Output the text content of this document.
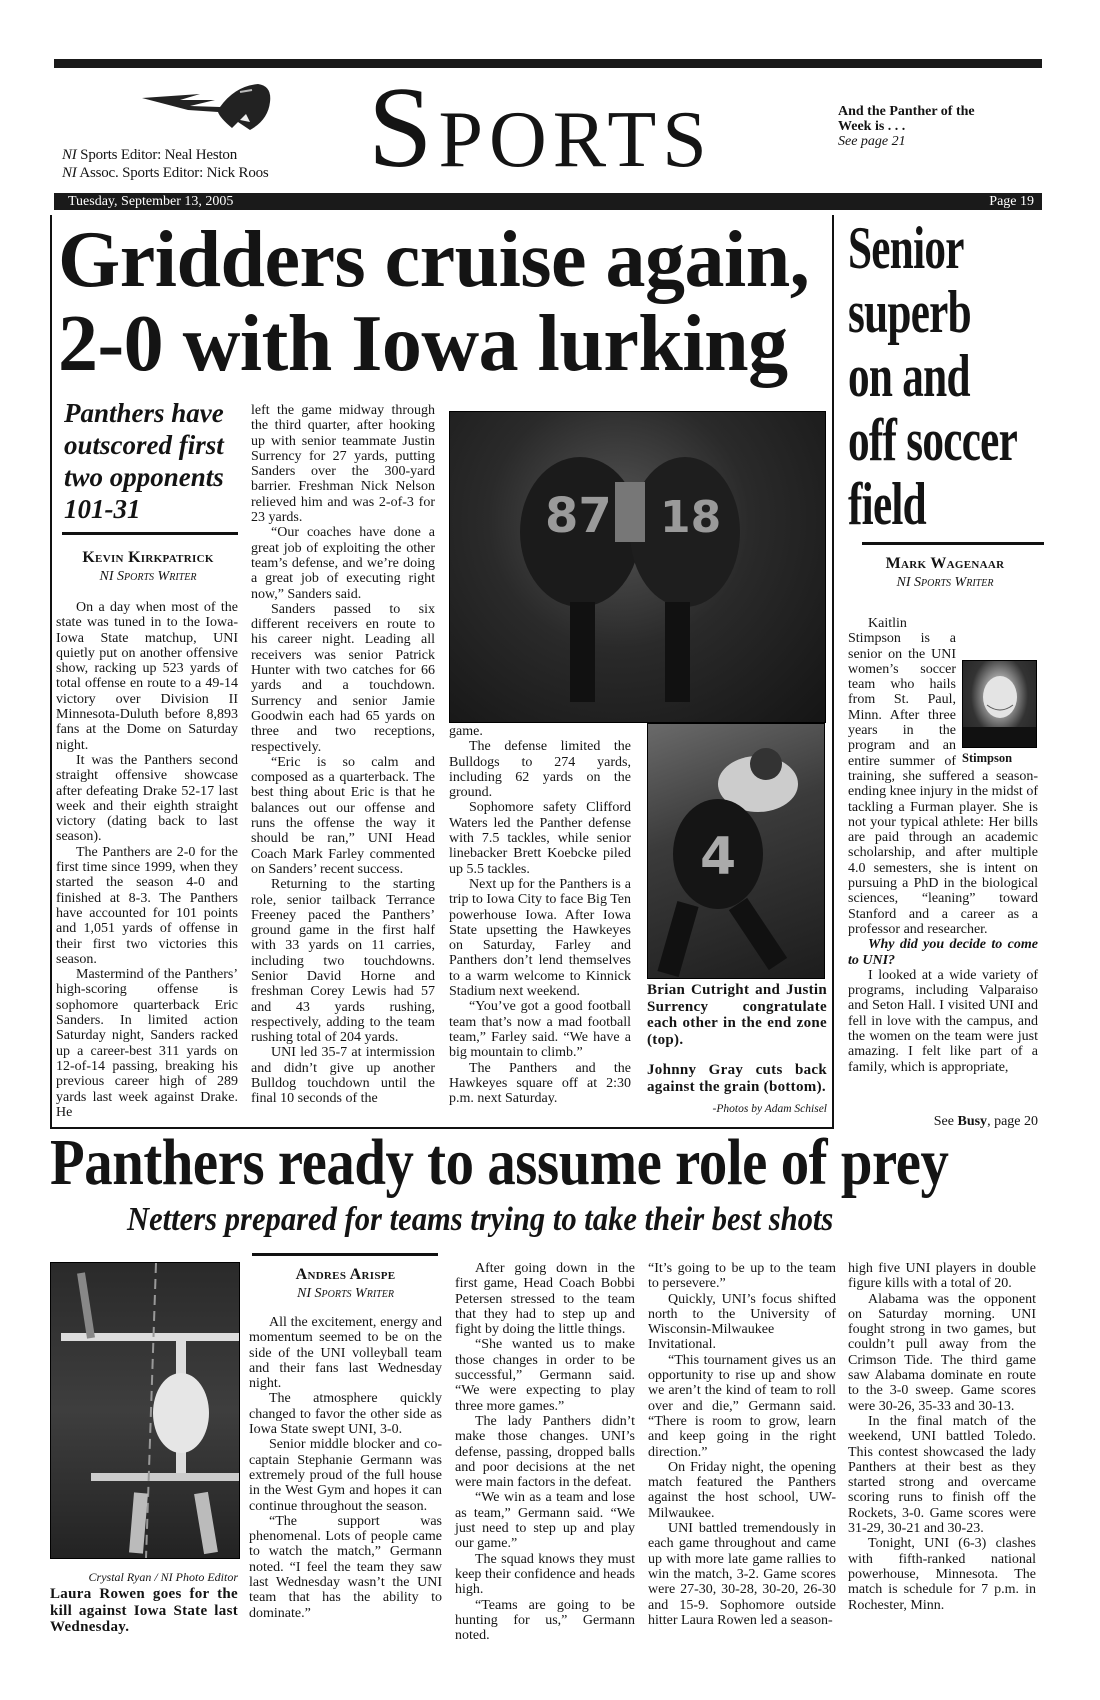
NI Sports Editor: Neal Heston
NI Assoc. Sports Editor: Nick Roos SPORTS	And the Panther of the
Week is . . .
See page 21
Tuesday, September 13, 2005	Page 19
Gridders cruise again,
2-0 with Iowa lurking
Panthers have outscored first two opponents 101-31
Kevin Kirkpatrick
NI Sports Writer

On a day when most of the state was tuned in to the Iowa-Iowa State matchup, UNI quietly put on another offensive show, racking up 523 yards of total offense en route to a 49-14 victory over Division II Minnesota-Duluth before 8,893 fans at the Dome on Saturday night.

It was the Panthers second straight offensive showcase after defeating Drake 52-17 last week and their eighth straight victory (dating back to last season).

The Panthers are 2-0 for the first time since 1999, when they started the season 4-0 and finished at 8-3. The Panthers have accounted for 101 points and 1,051 yards of offense in their first two victories this season.

Mastermind of the Panthers’ high-scoring offense is sophomore quarterback Eric Sanders. In limited action Saturday night, Sanders racked up a career-best 311 yards on 12-of-14 passing, breaking his previous career high of 289 yards last week against Drake. He

left the game midway through the third quarter, after hooking up with senior teammate Justin Surrency for 27 yards, putting Sanders over the 300-yard barrier. Freshman Nick Nelson relieved him and was 2-of-3 for 23 yards.

“Our coaches have done a great job of exploiting the other team’s defense, and we’re doing a great job of executing right now,” Sanders said.

Sanders passed to six different receivers en route to his career night. Leading all receivers was senior Patrick Hunter with two catches for 66 yards and a touchdown. Surrency and senior Jamie Goodwin each had 65 yards on three and two receptions, respectively.

“Eric is so calm and composed as a quarterback. The best thing about Eric is that he balances out our offense and runs the offense the way it should be ran,” UNI Head Coach Mark Farley commented on Sanders’ recent success.

Returning to the starting role, senior tailback Terrance Freeney paced the Panthers’ ground game in the first half with 33 yards on 11 carries, including two touchdowns. Senior David Horne and freshman Corey Lewis had 57 and 43 yards rushing, respectively, adding to the team rushing total of 204 yards.

UNI led 35-7 at intermission and didn’t give up another Bulldog touchdown until the final 10 seconds of the

87 18

game.

The defense limited the Bulldogs to 274 yards, including 62 yards on the ground.

Sophomore safety Clifford Waters led the Panther defense with 7.5 tackles, while senior linebacker Brett Koebcke piled up 5.5 tackles.

Next up for the Panthers is a trip to Iowa City to face Big Ten powerhouse Iowa. After Iowa State upsetting the Hawkeyes on Saturday, Farley and Panthers don’t lend themselves to a warm welcome to Kinnick Stadium next weekend.

“You’ve got a good football team that’s now a mad football team,” Farley said. “We have a big mountain to climb.”

The Panthers and the Hawkeyes square off at 2:30 p.m. next Saturday.

4
Brian Cutright and Justin Surrency congratulate each other in the end zone (top).
Johnny Gray cuts back against the grain (bottom).
-Photos by Adam Schisel
Senior
superb
on and
off soccer
field
Mark Wagenaar
NI Sports Writer
Stimpson

Kaitlin Stimpson is a senior on the UNI women’s soccer team who hails from St. Paul, Minn. After three years in the program and an entire summer of training, she suffered a season-ending knee injury in the midst of tackling a Furman player. She is not your typical athlete: Her bills are paid through an academic scholarship, and after multiple 4.0 semesters, she is intent on pursuing a PhD in the biological sciences, “leaning” toward Stanford and a career as a professor and researcher.

Why did you decide to come to UNI?

I looked at a wide variety of programs, including Valparaiso and Seton Hall. I visited UNI and fell in love with the campus, and the women on the team were just amazing. I felt like part of a family, which is appropriate,

See Busy, page 20
Panthers ready to assume role of prey
Netters prepared for teams trying to take their best shots
Crystal Ryan / NI Photo Editor
Laura Rowen goes for the kill against Iowa State last Wednesday.
Andres Arispe
NI Sports Writer

All the excitement, energy and momentum seemed to be on the side of the UNI volleyball team and their fans last Wednesday night.

The atmosphere quickly changed to favor the other side as Iowa State swept UNI, 3-0.

Senior middle blocker and co-captain Stephanie Germann was extremely proud of the full house in the West Gym and hopes it can continue throughout the season.

“The support was phenomenal. Lots of people came to watch the match,” Germann noted. “I feel the team they saw last Wednesday wasn’t the UNI team that has the ability to dominate.”

After going down in the first game, Head Coach Bobbi Petersen stressed to the team that they had to step up and fight by doing the little things.

“She wanted us to make those changes in order to be successful,” Germann said. “We were expecting to play three more games.”

The lady Panthers didn’t make those changes. UNI’s defense, passing, dropped balls and poor decisions at the net were main factors in the defeat.

“We win as a team and lose as team,” Germann said. “We just need to step up and play our game.”

The squad knows they must keep their confidence and heads high.

“Teams are going to be hunting for us,” Germann noted.

“It’s going to be up to the team to persevere.”

Quickly, UNI’s focus shifted north to the University of Wisconsin-Milwaukee Invitational.

“This tournament gives us an opportunity to rise up and show we aren’t the kind of team to roll over and die,” Germann said. “There is room to grow, learn and keep going in the right direction.”

On Friday night, the opening match featured the Panthers against the host school, UW-Milwaukee.

UNI battled tremendously in each game throughout and came up with more late game rallies to win the match, 3-2. Game scores were 27-30, 30-28, 30-20, 26-30 and 15-9. Sophomore outside hitter Laura Rowen led a season-

high five UNI players in double figure kills with a total of 20.

Alabama was the opponent on Saturday morning. UNI fought strong in two games, but couldn’t pull away from the Crimson Tide. The third game saw Alabama dominate en route to the 3-0 sweep. Game scores were 30-26, 35-33 and 30-13.

In the final match of the weekend, UNI battled Toledo. This contest showcased the lady Panthers at their best as they started strong and overcame scoring runs to finish off the Rockets, 3-0. Game scores were 31-29, 30-21 and 30-23.

Tonight, UNI (6-3) clashes with fifth-ranked national powerhouse, Minnesota. The match is schedule for 7 p.m. in Rochester, Minn.
